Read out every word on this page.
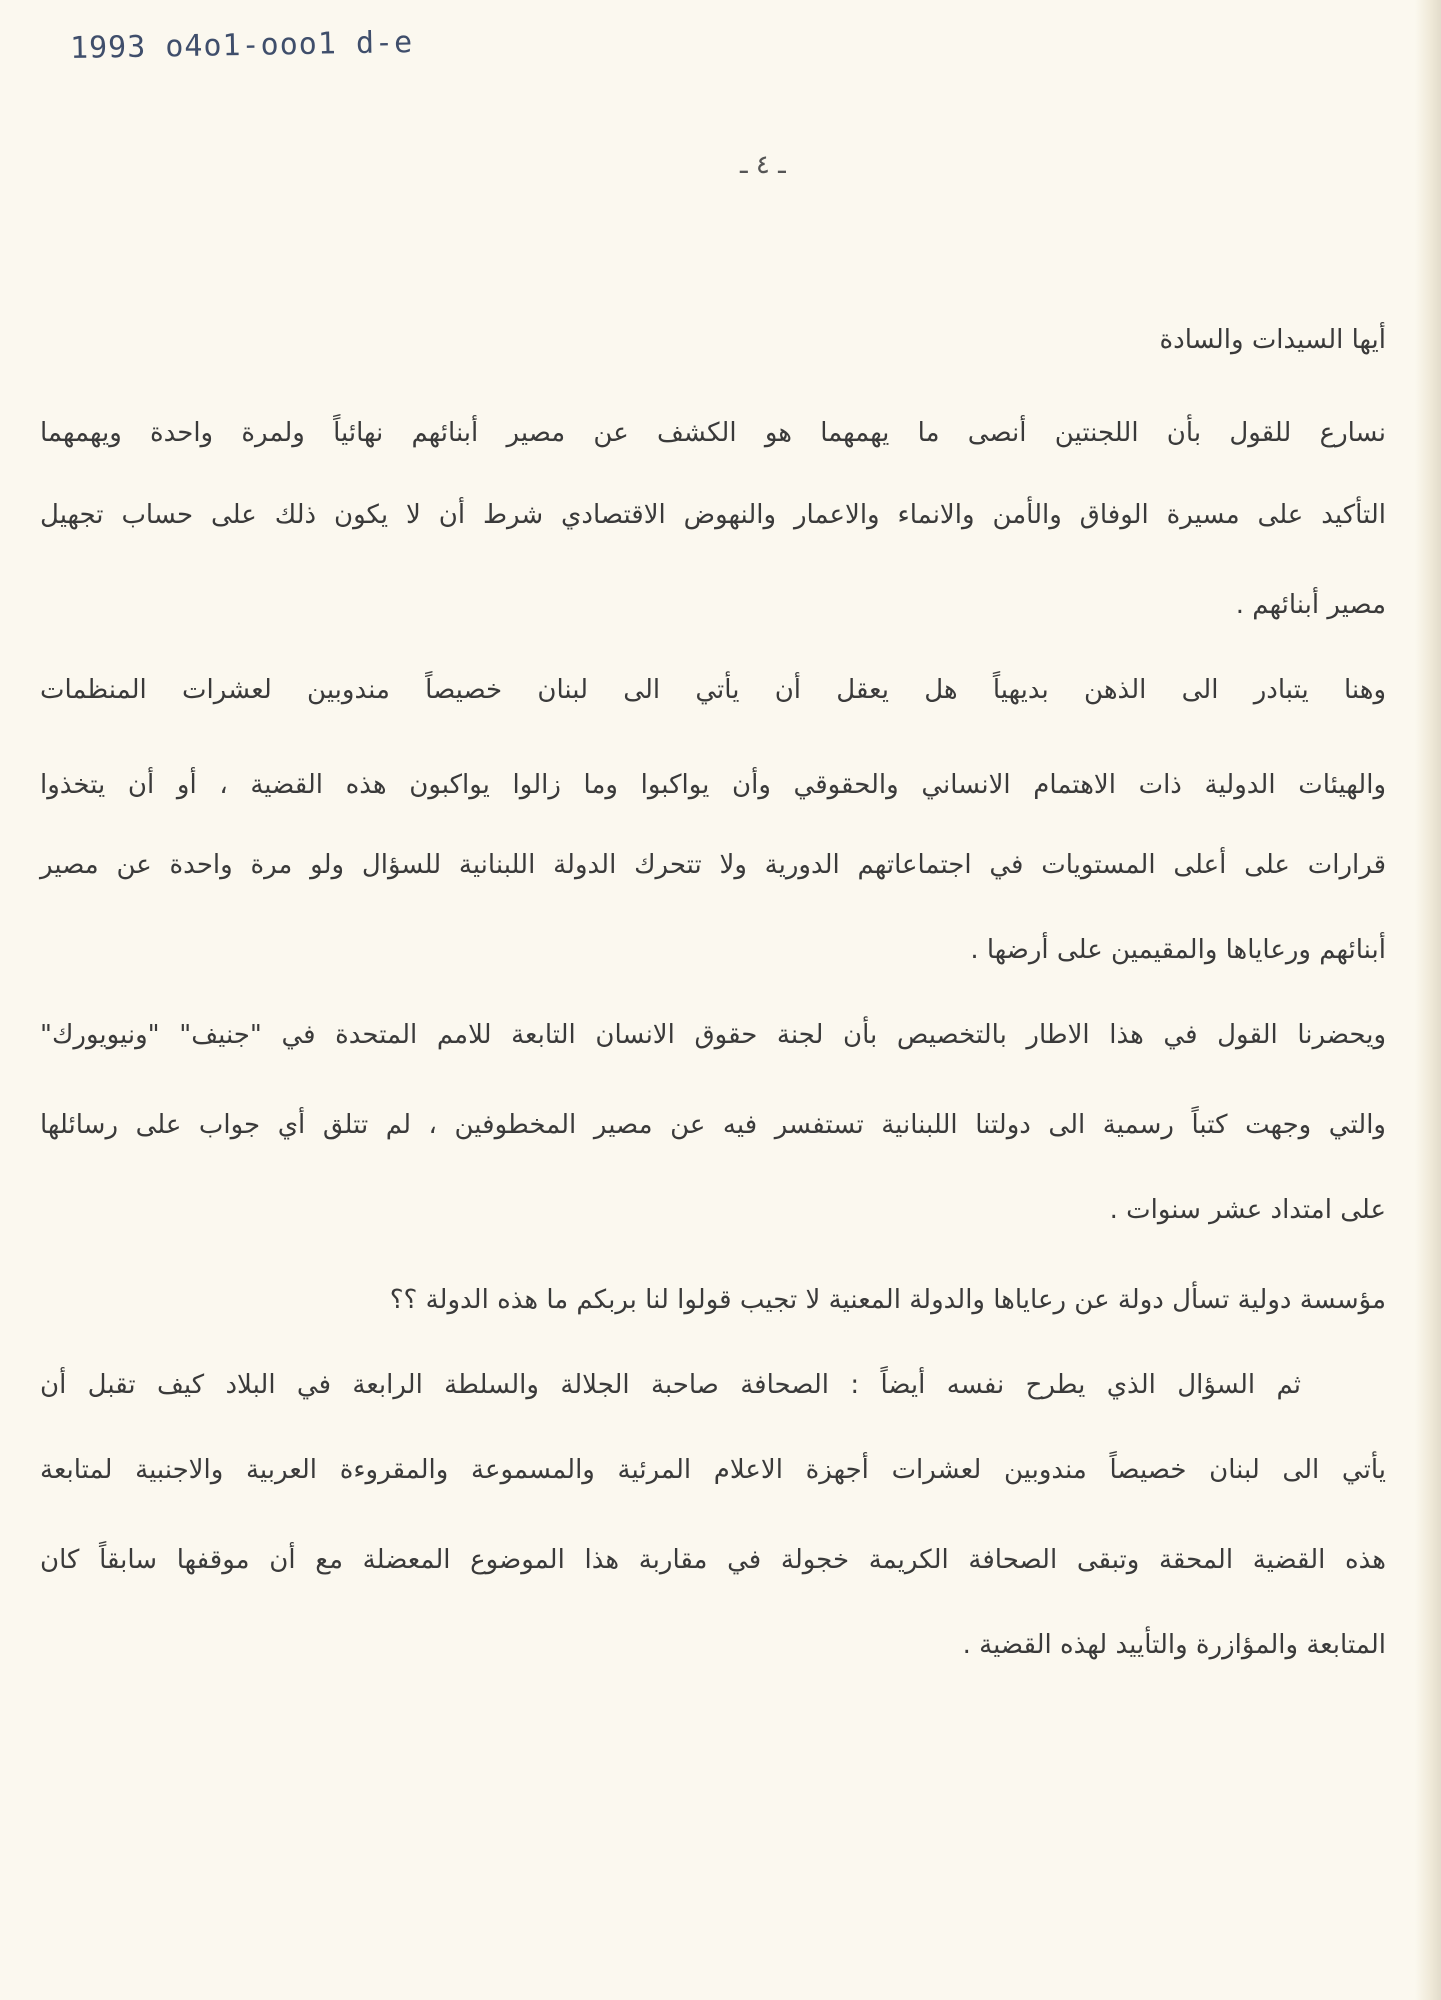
1993 o4o1-ooo1 d-e
ـ ٤ ـ
أيها السيدات والسادة
نسارع للقول بأن اللجنتين أنصى ما يهمهما هو الكشف عن مصير أبنائهم نهائياً ولمرة واحدة ويهمهما
التأكيد على مسيرة الوفاق والأمن والانماء والاعمار والنهوض الاقتصادي شرط أن لا يكون ذلك على حساب تجهيل
مصير أبنائهم .
وهنا يتبادر الى الذهن بديهياً هل يعقل أن يأتي الى لبنان خصيصاً مندوبين لعشرات المنظمات
والهيئات الدولية ذات الاهتمام الانساني والحقوقي وأن يواكبوا وما زالوا يواكبون هذه القضية ، أو أن يتخذوا
قرارات على أعلى المستويات في اجتماعاتهم الدورية ولا تتحرك الدولة اللبنانية للسؤال ولو مرة واحدة عن مصير
أبنائهم ورعاياها والمقيمين على أرضها .
ويحضرنا القول في هذا الاطار بالتخصيص بأن لجنة حقوق الانسان التابعة للامم المتحدة في "جنيف" "ونيويورك"
والتي وجهت كتباً رسمية الى دولتنا اللبنانية تستفسر فيه عن مصير المخطوفين ، لم تتلق أي جواب على رسائلها
على امتداد عشر سنوات .
مؤسسة دولية تسأل دولة عن رعاياها والدولة المعنية لا تجيب قولوا لنا بربكم ما هذه الدولة ؟؟
ثم السؤال الذي يطرح نفسه أيضاً : الصحافة صاحبة الجلالة والسلطة الرابعة في البلاد كيف تقبل أن
يأتي الى لبنان خصيصاً مندوبين لعشرات أجهزة الاعلام المرئية والمسموعة والمقروءة العربية والاجنبية لمتابعة
هذه القضية المحقة وتبقى الصحافة الكريمة خجولة في مقاربة هذا الموضوع المعضلة مع أن موقفها سابقاً كان
المتابعة والمؤازرة والتأييد لهذه القضية .
